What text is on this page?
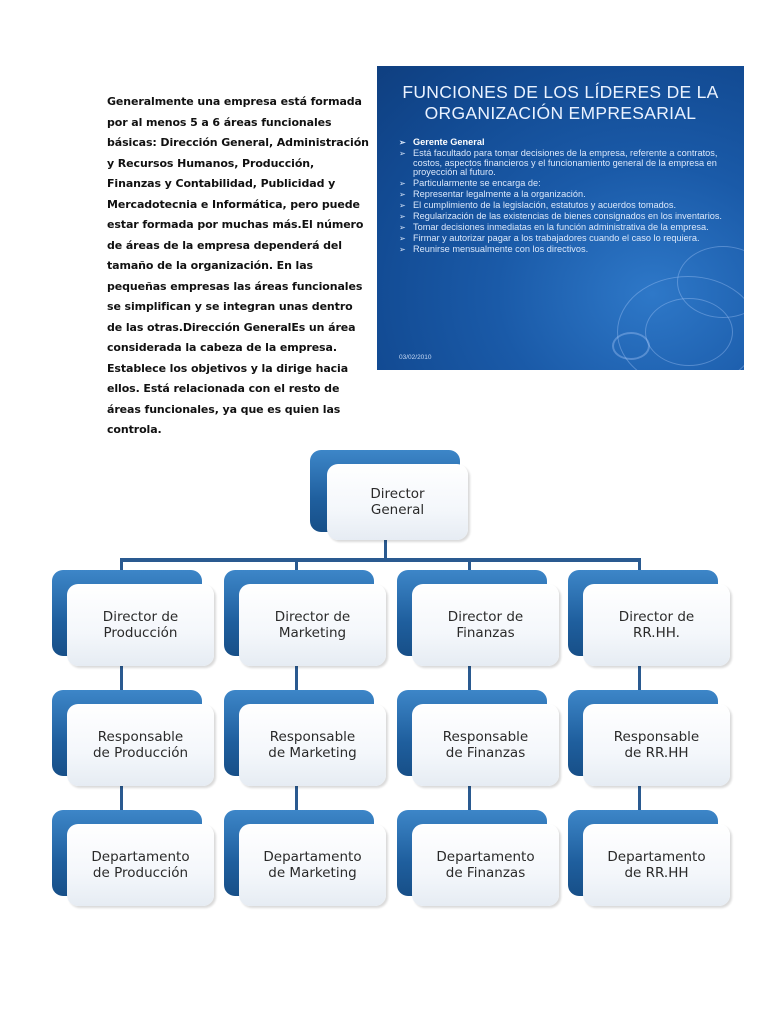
Generalmente una empresa está formada por al menos 5 a 6 áreas funcionales básicas: Dirección General, Administración y Recursos Humanos, Producción, Finanzas y Contabilidad, Publicidad y Mercadotecnia e Informática, pero puede estar formada por muchas más.El número de áreas de la empresa dependerá del tamaño de la organización. En las pequeñas empresas las áreas funcionales se simplifican y se integran unas dentro de las otras.Dirección GeneralEs un área considerada la cabeza de la empresa. Establece los objetivos y la dirige hacia ellos. Está relacionada con el resto de áreas funcionales, ya que es quien las controla.
FUNCIONES DE LOS LÍDERES DE LA ORGANIZACIÓN EMPRESARIAL
➢ Gerente General
➢ Está facultado para tomar decisiones de la empresa, referente a contratos, costos, aspectos financieros y el funcionamiento general de la empresa en proyección al futuro.
➢ Particularmente se encarga de:
➢ Representar legalmente a la organización.
➢ El cumplimiento de la legislación, estatutos y acuerdos tomados.
➢ Regularización de las existencias de bienes consignados en los inventarios.
➢ Tomar decisiones inmediatas en la función administrativa de la empresa.
➢ Firmar y autorizar pagar a los trabajadores cuando el caso lo requiera.
➢ Reunirse mensualmente con los directivos.
03/02/2010
Director
General
Director de
Producción
Director de
Marketing
Director de
Finanzas
Director de
RR.HH.
Responsable
de Producción
Responsable
de Marketing
Responsable
de Finanzas
Responsable
de RR.HH
Departamento
de Producción
Departamento
de Marketing
Departamento
de Finanzas
Departamento
de RR.HH
